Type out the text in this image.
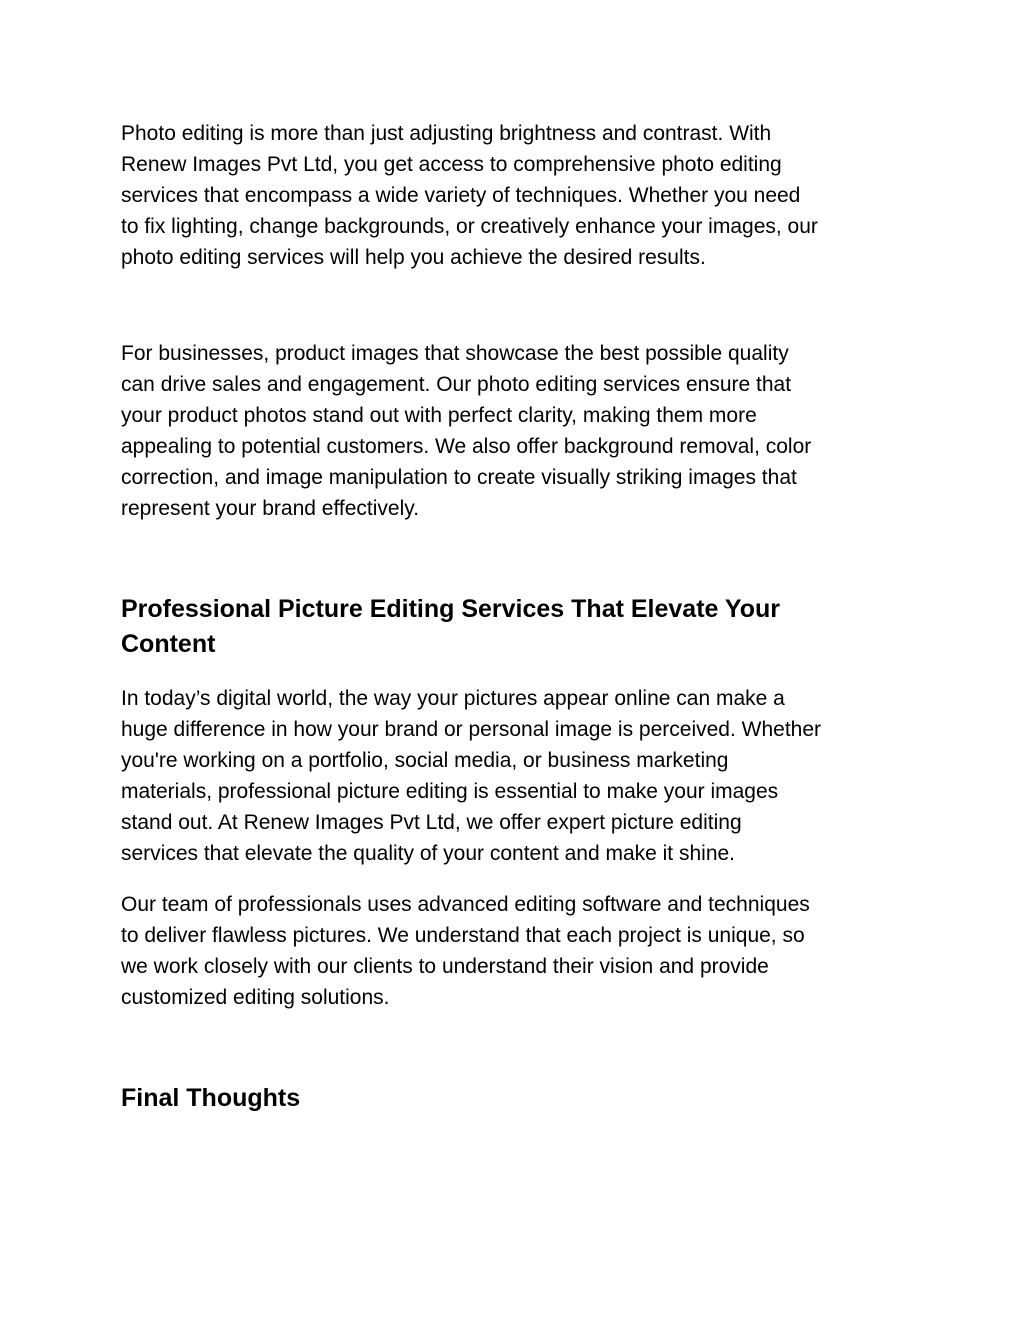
Photo editing is more than just adjusting brightness and contrast. With
Renew Images Pvt Ltd, you get access to comprehensive photo editing
services that encompass a wide variety of techniques. Whether you need
to fix lighting, change backgrounds, or creatively enhance your images, our
photo editing services will help you achieve the desired results.
For businesses, product images that showcase the best possible quality
can drive sales and engagement. Our photo editing services ensure that
your product photos stand out with perfect clarity, making them more
appealing to potential customers. We also offer background removal, color
correction, and image manipulation to create visually striking images that
represent your brand effectively.
Professional Picture Editing Services That Elevate Your
Content
In today’s digital world, the way your pictures appear online can make a
huge difference in how your brand or personal image is perceived. Whether
you're working on a portfolio, social media, or business marketing
materials, professional picture editing is essential to make your images
stand out. At Renew Images Pvt Ltd, we offer expert picture editing
services that elevate the quality of your content and make it shine.
Our team of professionals uses advanced editing software and techniques
to deliver flawless pictures. We understand that each project is unique, so
we work closely with our clients to understand their vision and provide
customized editing solutions.
Final Thoughts
